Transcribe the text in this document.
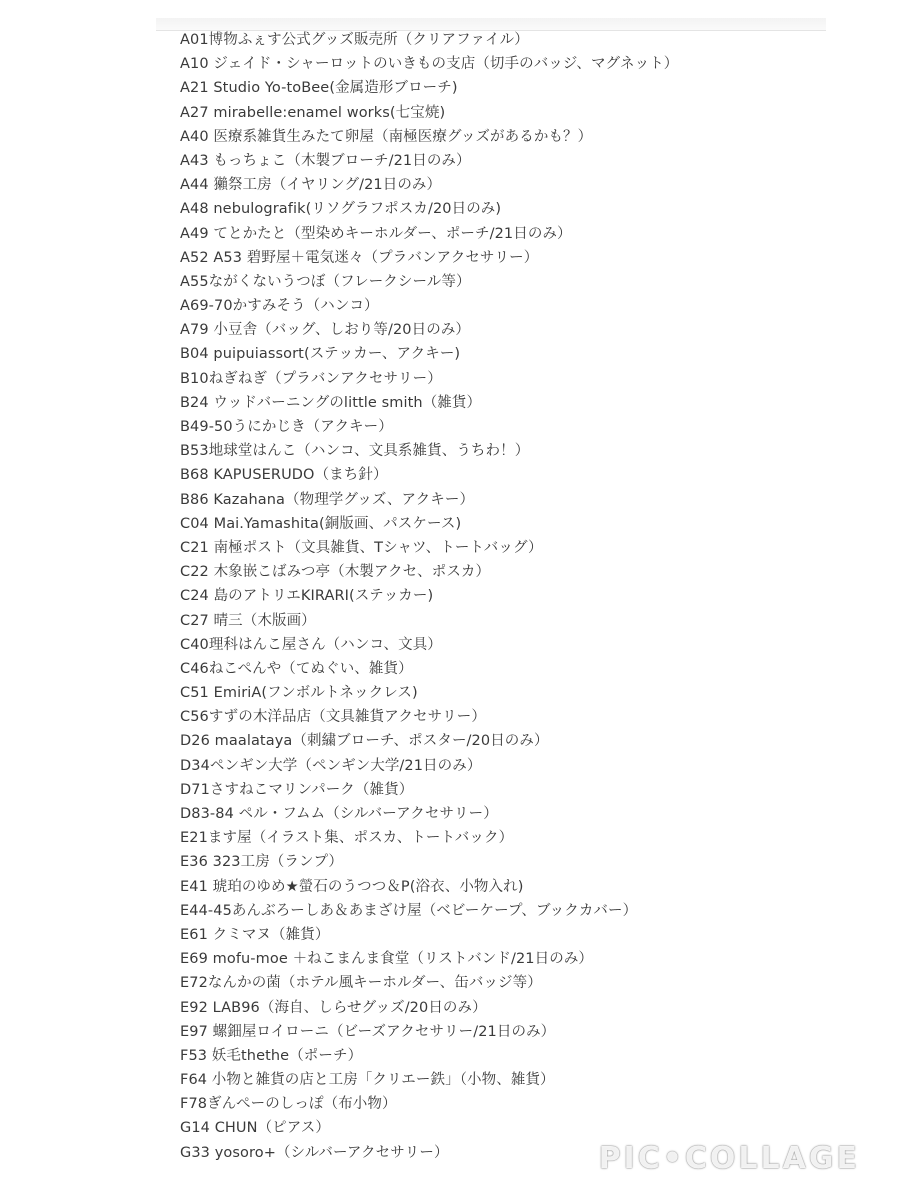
A01博物ふぇす公式グッズ販売所（クリアファイル）
A10 ジェイド・シャーロットのいきもの支店（切手のバッジ、マグネット）
A21 Studio Yo-toBee(金属造形ブローチ)
A27 mirabelle:enamel works(七宝焼)
A40 医療系雑貨生みたて卵屋（南極医療グッズがあるかも？）
A43 もっちょこ（木製ブローチ/21日のみ）
A44 獺祭工房（イヤリング/21日のみ）
A48 nebulografik(リソグラフポスカ/20日のみ)
A49 てとかたと（型染めキーホルダー、ポーチ/21日のみ）
A52 A53 碧野屋＋電気迷々（プラバンアクセサリー）
A55ながくないうつぼ（フレークシール等）
A69-70かすみそう（ハンコ）
A79 小豆舎（バッグ、しおり等/20日のみ）
B04 puipuiassort(ステッカー、アクキー)
B10ねぎねぎ（プラバンアクセサリー）
B24 ウッドバーニングのlittle smith（雑貨）
B49-50うにかじき（アクキー）
B53地球堂はんこ（ハンコ、文具系雑貨、うちわ！）
B68 KAPUSERUDO（まち針）
B86 Kazahana（物理学グッズ、アクキー）
C04 Mai.Yamashita(銅版画、パスケース)
C21 南極ポスト（文具雑貨、Tシャツ、トートバッグ）
C22 木象嵌こばみつ亭（木製アクセ、ポスカ）
C24 島のアトリエKIRARI(ステッカー)
C27 晴三（木版画）
C40理科はんこ屋さん（ハンコ、文具）
C46ねこぺんや（てぬぐい、雑貨）
C51 EmiriA(フンボルトネックレス)
C56すずの木洋品店（文具雑貨アクセサリー）
D26 maalataya（刺繍ブローチ、ポスター/20日のみ）
D34ペンギン大学（ペンギン大学/21日のみ）
D71さすねこマリンパーク（雑貨）
D83-84 ペル・フムム（シルバーアクセサリー）
E21ます屋（イラスト集、ポスカ、トートバック）
E36 323工房（ランプ）
E41 琥珀のゆめ★螢石のうつつ＆P(浴衣、小物入れ)
E44-45あんぶろーしあ＆あまざけ屋（ベビーケープ、ブックカバー）
E61 クミマヌ（雑貨）
E69 mofu-moe ＋ねこまんま食堂（リストバンド/21日のみ）
E72なんかの菌（ホテル風キーホルダー、缶バッジ等）
E92 LAB96（海自、しらせグッズ/20日のみ）
E97 螺鈿屋ロイローニ（ビーズアクセサリー/21日のみ）
F53 妖毛thethe（ポーチ）
F64 小物と雑貨の店と工房「クリエー鉄」（小物、雑貨）
F78ぎんぺーのしっぽ（布小物）
G14 CHUN（ピアス）
G33 yosoro+（シルバーアクセサリー）	PIC•COLLAGE
